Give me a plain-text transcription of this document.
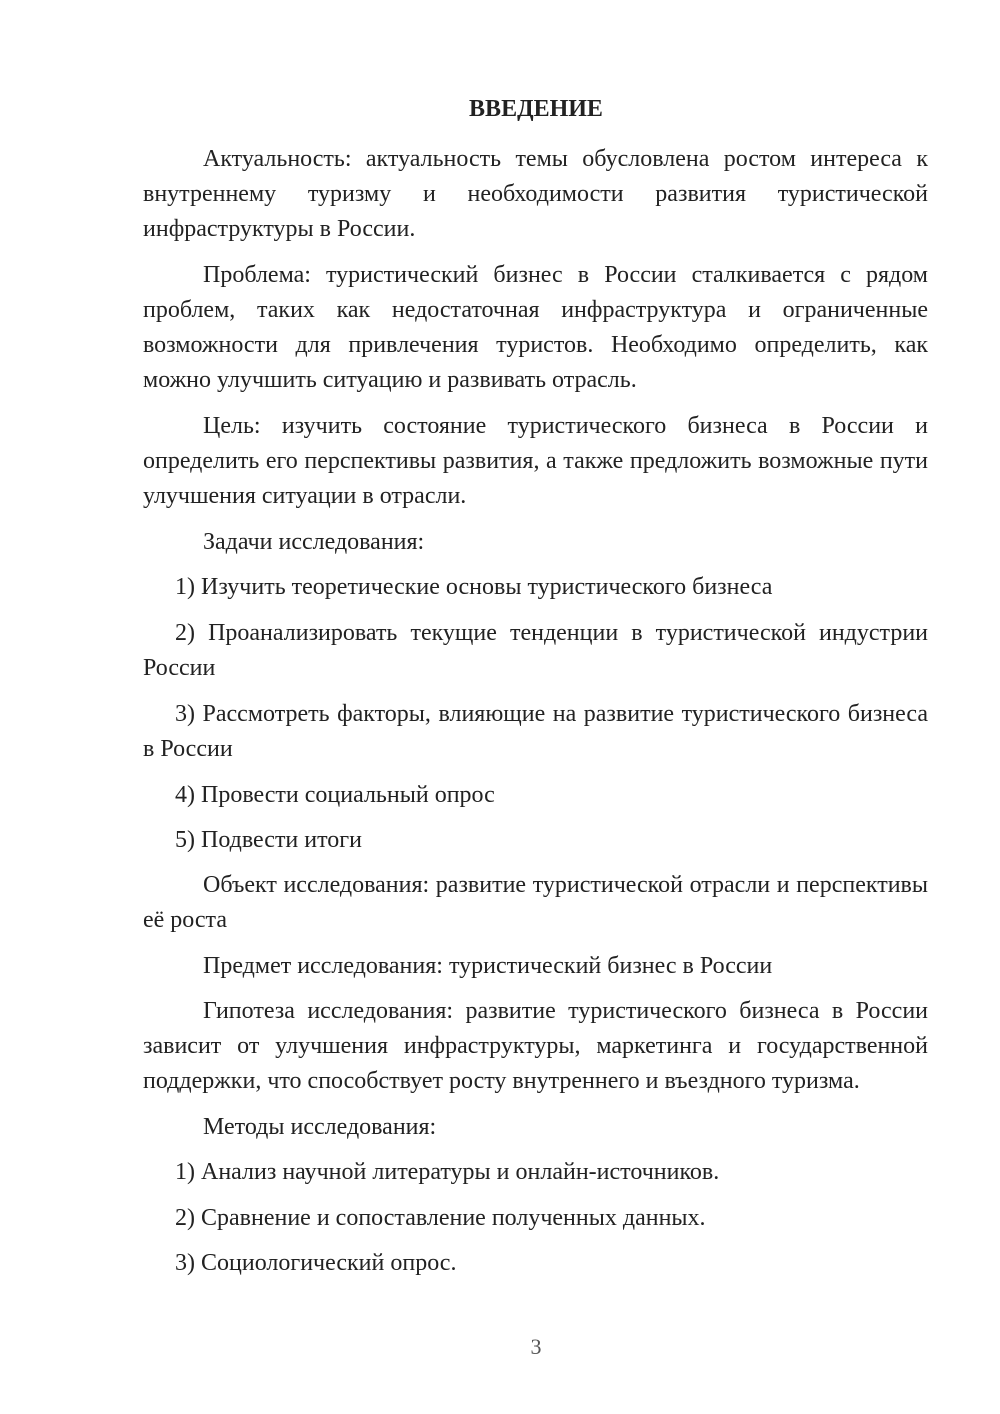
ВВЕДЕНИЕ

Актуальность: актуальность темы обусловлена ростом интереса к внутреннему туризму и необходимости развития туристической инфраструктуры в России.

Проблема: туристический бизнес в России сталкивается с рядом проблем, таких как недостаточная инфраструктура и ограниченные возможности для привлечения туристов. Необходимо определить, как можно улучшить ситуацию и развивать отрасль.

Цель: изучить состояние туристического бизнеса в России и определить его перспективы развития, а также предложить возможные пути улучшения ситуации в отрасли.

Задачи исследования:

1) Изучить теоретические основы туристического бизнеса

2) Проанализировать текущие тенденции в туристической индустрии России

3) Рассмотреть факторы, влияющие на развитие туристического бизнеса в России

4) Провести социальный опрос

5) Подвести итоги

Объект исследования: развитие туристической отрасли и перспективы её роста

Предмет исследования: туристический бизнес в России

Гипотеза исследования: развитие туристического бизнеса в России зависит от улучшения инфраструктуры, маркетинга и государственной поддержки, что способствует росту внутреннего и въездного туризма.

Методы исследования:

1) Анализ научной литературы и онлайн-источников.

2) Сравнение и сопоставление полученных данных.

3) Социологический опрос.

3
